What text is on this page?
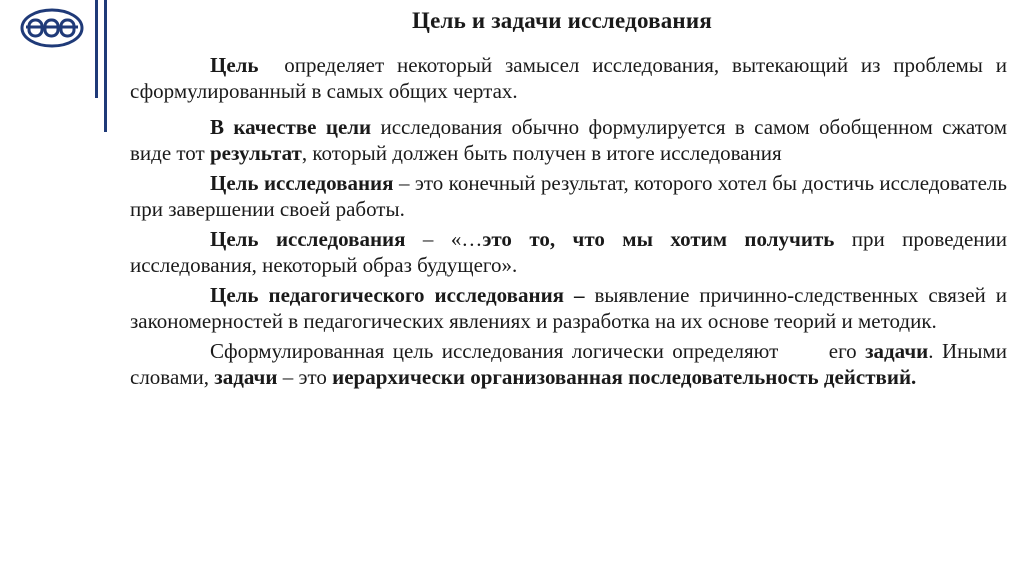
Цель и задачи исследования

Цель  определяет некоторый замысел исследования, вытекающий из проблемы и сформулированный в самых общих чертах.

В качестве цели исследования обычно формулируется в самом обобщенном сжатом виде тот результат, который должен быть получен в итоге исследования

Цель исследования – это конечный результат, которого хотел бы достичь исследователь при завершении своей работы.

Цель исследования – «…это то, что мы хотим получить при проведении исследования, некоторый образ будущего».

Цель педагогического исследования – выявление причинно-следственных связей и закономерностей в педагогических явлениях и разработка на их основе теорий и методик.

Сформулированная цель исследования логически определяют      его задачи. Иными словами, задачи – это иерархически организованная последовательность действий.
